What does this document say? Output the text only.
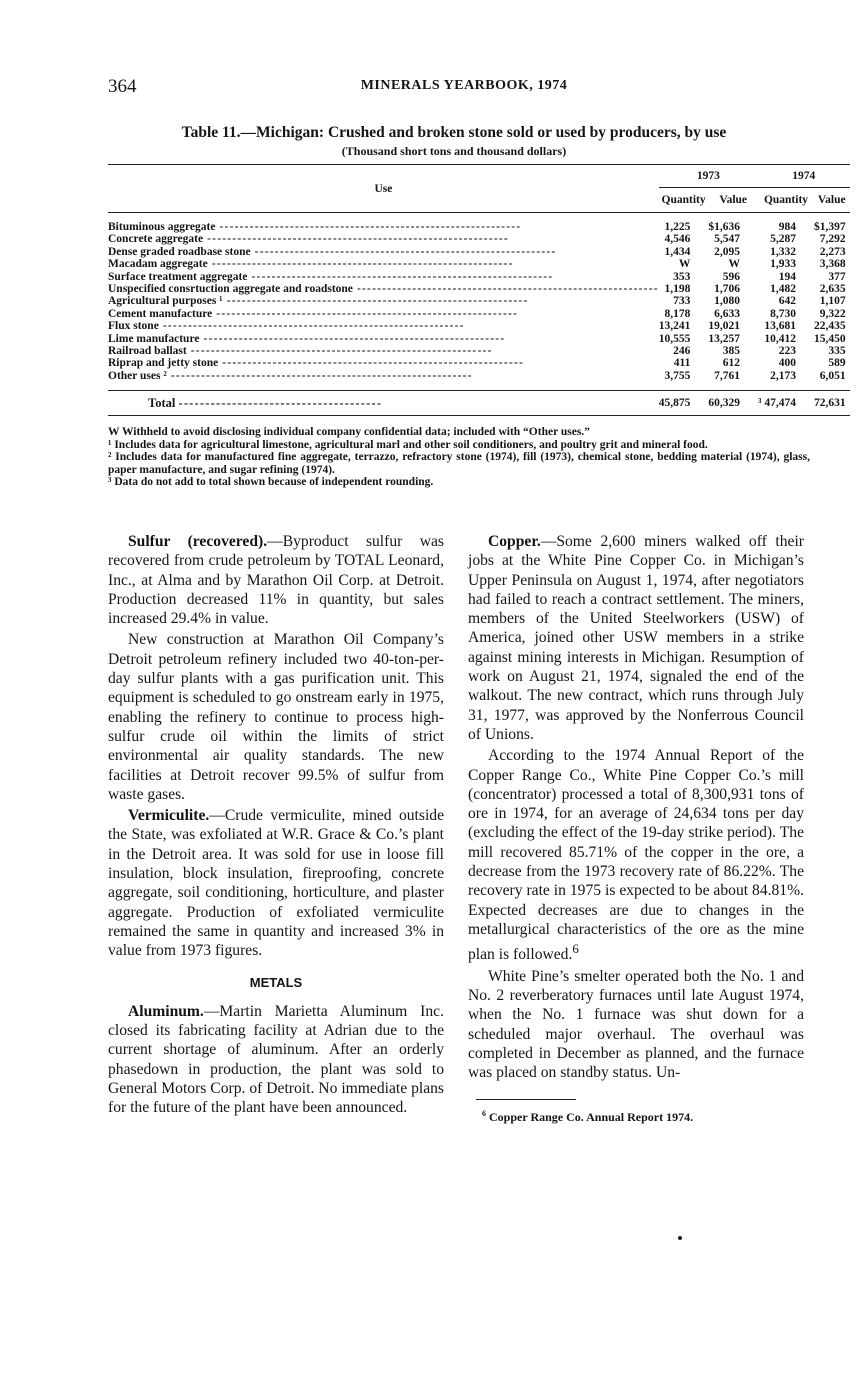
364	MINERALS YEARBOOK, 1974
Table 11.—Michigan: Crushed and broken stone sold or used by producers, by use
(Thousand short tons and thousand dollars)
Use	1973		1974	
	Quantity	Value	Quantity	Value

Bituminous aggregate ------------------------------------------------------------	1,225	$1,636	984	$1,397
Concrete aggregate ------------------------------------------------------------	4,546	5,547	5,287	7,292
Dense graded roadbase stone ------------------------------------------------------------	1,434	2,095	1,332	2,273
Macadam aggregate ------------------------------------------------------------	W	W	1,933	3,368
Surface treatment aggregate ------------------------------------------------------------	353	596	194	377
Unspecified consrtuction aggregate and roadstone ------------------------------------------------------------	1,198	1,706	1,482	2,635
Agricultural purposes ¹ ------------------------------------------------------------	733	1,080	642	1,107
Cement manufacture ------------------------------------------------------------	8,178	6,633	8,730	9,322
Flux stone ------------------------------------------------------------	13,241	19,021	13,681	22,435
Lime manufacture ------------------------------------------------------------	10,555	13,257	10,412	15,450
Railroad ballast ------------------------------------------------------------	246	385	223	335
Riprap and jetty stone ------------------------------------------------------------	411	612	400	589
Other uses ² ------------------------------------------------------------	3,755	7,761	2,173	6,051

Total --------------------------------------	45,875	60,329	³ 47,474	72,631

W Withheld to avoid disclosing individual company confidential data; included with “Other uses.”

¹ Includes data for agricultural limestone, agricultural marl and other soil conditioners, and poultry grit and mineral food.

² Includes data for manufactured fine aggregate, terrazzo, refractory stone (1974), fill (1973), chemical stone, bedding material (1974), glass, paper manufacture, and sugar refining (1974).

³ Data do not add to total shown because of independent rounding.

Sulfur (recovered).—Byproduct sulfur was recovered from crude petroleum by TOTAL Leonard, Inc., at Alma and by Marathon Oil Corp. at Detroit. Production decreased 11% in quantity, but sales increased 29.4% in value.

New construction at Marathon Oil Company’s Detroit petroleum refinery included two 40-ton-per-day sulfur plants with a gas purification unit. This equipment is scheduled to go onstream early in 1975, enabling the refinery to continue to process high-sulfur crude oil within the limits of strict environmental air quality standards. The new facilities at Detroit recover 99.5% of sulfur from waste gases.

Vermiculite.—Crude vermiculite, mined outside the State, was exfoliated at W.R. Grace & Co.’s plant in the Detroit area. It was sold for use in loose fill insulation, block insulation, fireproofing, concrete aggregate, soil conditioning, horticulture, and plaster aggregate. Production of exfoliated vermiculite remained the same in quantity and increased 3% in value from 1973 figures.

METALS

Aluminum.—Martin Marietta Aluminum Inc. closed its fabricating facility at Adrian due to the current shortage of aluminum. After an orderly phasedown in production, the plant was sold to General Motors Corp. of Detroit. No immediate plans for the future of the plant have been announced.

Copper.—Some 2,600 miners walked off their jobs at the White Pine Copper Co. in Michigan’s Upper Peninsula on August 1, 1974, after negotiators had failed to reach a contract settlement. The miners, members of the United Steelworkers (USW) of America, joined other USW members in a strike against mining interests in Michigan. Resumption of work on August 21, 1974, signaled the end of the walkout. The new contract, which runs through July 31, 1977, was approved by the Nonferrous Council of Unions.

According to the 1974 Annual Report of the Copper Range Co., White Pine Copper Co.’s mill (concentrator) processed a total of 8,300,931 tons of ore in 1974, for an average of 24,634 tons per day (excluding the effect of the 19-day strike period). The mill recovered 85.71% of the copper in the ore, a decrease from the 1973 recovery rate of 86.22%. The recovery rate in 1975 is expected to be about 84.81%. Expected decreases are due to changes in the metallurgical characteristics of the ore as the mine plan is followed.$^6$

White Pine’s smelter operated both the No. 1 and No. 2 reverberatory furnaces until late August 1974, when the No. 1 furnace was shut down for a scheduled major overhaul. The overhaul was completed in December as planned, and the furnace was placed on standby status. Un-

$^6$ Copper Range Co. Annual Report 1974.
